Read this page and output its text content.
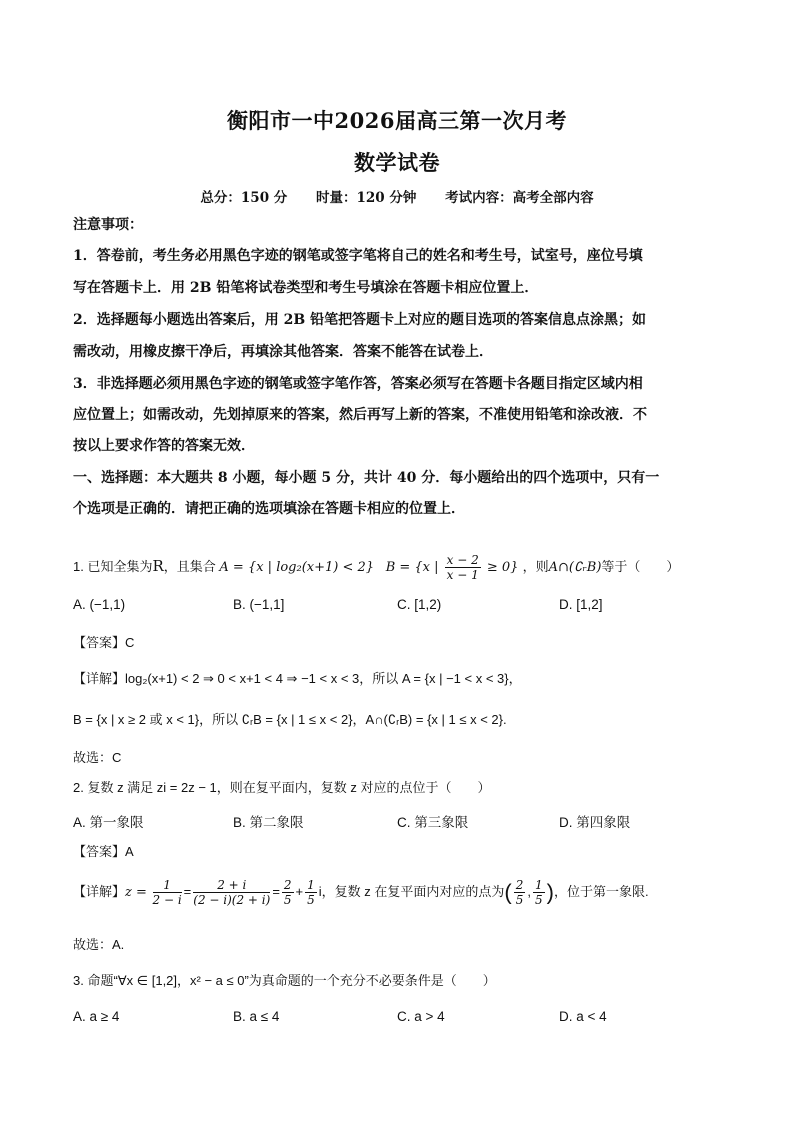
衡阳市一中2026届高三第一次月考
数学试卷
总分：150 分 时量：120 分钟 考试内容：高考全部内容
注意事项：
1．答卷前，考生务必用黑色字迹的钢笔或签字笔将自己的姓名和考生号，试室号，座位号填
写在答题卡上．用 2B 铅笔将试卷类型和考生号填涂在答题卡相应位置上．
2．选择题每小题选出答案后，用 2B 铅笔把答题卡上对应的题目选项的答案信息点涂黑；如
需改动，用橡皮擦干净后，再填涂其他答案．答案不能答在试卷上．
3．非选择题必须用黑色字迹的钢笔或签字笔作答，答案必须写在答题卡各题目指定区域内相
应位置上；如需改动，先划掉原来的答案，然后再写上新的答案，不准使用铅笔和涂改液．不
按以上要求作答的答案无效．
一、选择题：本大题共 8 小题，每小题 5 分，共计 40 分．每小题给出的四个选项中，只有一
个选项是正确的．请把正确的选项填涂在答题卡相应的位置上．
1. 已知全集为R，且集合 A = {x | log₂(x+1) < 2} B = {x | $\frac{x - 2}{x - 1} \ge 0$} ，则A∩(∁ᵣB)等于（　　）
A. (−1,1)	B. (−1,1]	C. [1,2)	D. [1,2]
【答案】C
【详解】log₂(x+1) < 2 ⇒ 0 < x+1 < 4 ⇒ −1 < x < 3，所以 A = {x | −1 < x < 3}，
B = {x | x ≥ 2 或 x < 1}，所以 ∁ᵣB = {x | 1 ≤ x < 2}，A∩(∁ᵣB) = {x | 1 ≤ x < 2}.
故选：C
2. 复数 z 满足 zi = 2z − 1，则在复平面内，复数 z 对应的点位于（　　）
A. 第一象限	B. 第二象限	C. 第三象限	D. 第四象限
【答案】A
【详解】$z = \frac{1}{2 - i} = \frac{2 + i}{(2 - i)(2 + i)} = \frac{2}{5} + \frac{1}{5}$ i，复数 z 在复平面内对应的点为( $\frac{2}{5}$ , $\frac{1}{5}$ )，位于第一象限.
故选：A.
3. 命题“∀x ∈ [1,2]，x² − a ≤ 0”为真命题的一个充分不必要条件是（　　）
A. a ≥ 4	B. a ≤ 4	C. a > 4	D. a < 4
